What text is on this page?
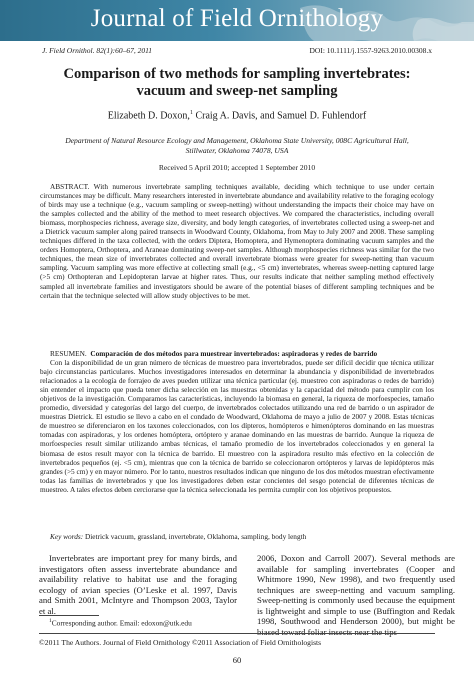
Journal of Field Ornithology
J. Field Ornithol. 82(1):60–67, 2011	DOI: 10.1111/j.1557-9263.2010.00308.x
Comparison of two methods for sampling invertebrates:
vacuum and sweep-net sampling
Elizabeth D. Doxon,$^1$ Craig A. Davis, and Samuel D. Fuhlendorf
Department of Natural Resource Ecology and Management, Oklahoma State University, 008C Agricultural Hall,
Stillwater, Oklahoma 74078, USA
Received 5 April 2010; accepted 1 September 2010

ABSTRACT. With numerous invertebrate sampling techniques available, deciding which technique to use under certain circumstances may be difficult. Many researchers interested in invertebrate abundance and availability relative to the foraging ecology of birds may use a technique (e.g., vacuum sampling or sweep-netting) without understanding the impacts their choice may have on the samples collected and the ability of the method to meet research objectives. We compared the characteristics, including overall biomass, morphospecies richness, average size, diversity, and body length categories, of invertebrates collected using a sweep-net and a Dietrick vacuum sampler along paired transects in Woodward County, Oklahoma, from May to July 2007 and 2008. These sampling techniques differed in the taxa collected, with the orders Diptera, Homoptera, and Hymenoptera dominating vacuum samples and the orders Homoptera, Orthoptera, and Araneae dominating sweep-net samples. Although morphospecies richness was similar for the two techniques, the mean size of invertebrates collected and overall invertebrate biomass were greater for sweep-netting than vacuum sampling. Vacuum sampling was more effective at collecting small (e.g., <5 cm) invertebrates, whereas sweep-netting captured large (>5 cm) Orthopteran and Lepidopteran larvae at higher rates. Thus, our results indicate that neither sampling method effectively sampled all invertebrate families and investigators should be aware of the potential biases of different sampling techniques and be certain that the technique selected will allow study objectives to be met.

RESUMEN. Comparación de dos métodos para muestrear invertebrados: aspiradoras y redes de barrido

Con la disponibilidad de un gran número de técnicas de muestreo para invertebrados, puede ser difícil decidir que técnica utilizar bajo circunstancias particulares. Muchos investigadores interesados en determinar la abundancia y disponibilidad de invertebrados relacionados a la ecología de forrajeo de aves pueden utilizar una técnica particular (ej. muestreo con aspiradoras o redes de barrido) sin entender el impacto que pueda tener dicha selección en las muestras obtenidas y la capacidad del método para cumplir con los objetivos de la investigación. Comparamos las características, incluyendo la biomasa en general, la riqueza de morfoespecies, tamaño promedio, diversidad y categorías del largo del cuerpo, de invertebrados colectados utilizando una red de barrido o un aspirador de muestras Dietrick. El estudio se llevo a cabo en el condado de Woodward, Oklahoma de mayo a julio de 2007 y 2008. Estas técnicas de muestreo se diferenciaron en los taxones coleccionados, con los dípteros, homópteros e himenópteros dominando en las muestras tomadas con aspiradoras, y los ordenes homóptera, ortóptero y aranae dominando en las muestras de barrido. Aunque la riqueza de morfoespecies result similar utilizando ambas técnicas, el tamaño promedio de los invertebrados coleccionados y en general la biomasa de estos result mayor con la técnica de barrido. El muestreo con la aspiradora resulto más efectivo en la colección de invertebrados pequeños (ej. <5 cm), mientras que con la técnica de barrido se coleccionaron ortópteros y larvas de lepidópteros más grandes (>5 cm) y en mayor número. Por lo tanto, nuestros resultados indican que ninguno de los dos métodos muestran efectivamente todas las familias de invertebrados y que los investigadores deben estar concientes del sesgo potencial de diferentes técnicas de muestreo. A tales efectos deben cerciorarse que la técnica seleccionada les permita cumplir con los objetivos propuestos.

Key words: Dietrick vacuum, grassland, invertebrate, Oklahoma, sampling, body length

Invertebrates are important prey for many birds, and investigators often assess invertebrate abundance and availability relative to habitat use and the foraging ecology of avian species (O’Leske et al. 1997, Davis and Smith 2001, McIntyre and Thompson 2003, Taylor et al.

2006, Doxon and Carroll 2007). Several methods are available for sampling invertebrates (Cooper and Whitmore 1990, New 1998), and two frequently used techniques are sweep-netting and vacuum sampling. Sweep-netting is commonly used because the equipment is lightweight and simple to use (Buffington and Redak 1998, Southwood and Henderson 2000), but might be biased toward foliar insects near the tips

$^1$Corresponding author. Email: edoxon@utk.edu
©2011 The Authors. Journal of Field Ornithology ©2011 Association of Field Ornithologists
60
